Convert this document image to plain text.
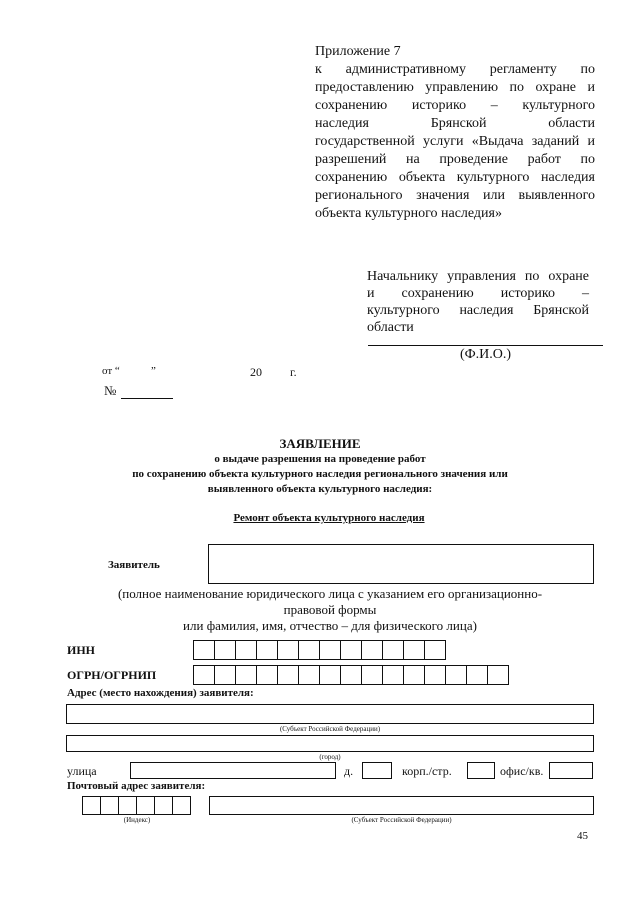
Приложение 7
к административному регламенту по
предоставлению управлению по охране и
сохранению историко – культурного
наследия Брянской области
государственной услуги «Выдача заданий и
разрешений на проведение работ по
сохранению объекта культурного наследия
регионального значения или выявленного
объекта культурного наследия»
Начальнику управления по охране
и сохранению историко –
культурного наследия Брянской
области
(Ф.И.О.)
от “	”	20 г.
№
ЗАЯВЛЕНИЕ
о выдаче разрешения на проведение работ
по сохранению объекта культурного наследия регионального значения или
выявленного объекта культурного наследия:
Ремонт объекта культурного наследия
Заявитель
(полное наименование юридического лица с указанием его организационно-
правовой формы
или фамилия, имя, отчество – для физического лица)
ИНН
ОГРН/ОГРНИП
Адрес (место нахождения) заявителя:
(Субъект Российской Федерации)
(город)
улица	д.	корп./стр.	офис/кв.
Почтовый адрес заявителя:
(Индекс)	(Субъект Российской Федерации)
45
